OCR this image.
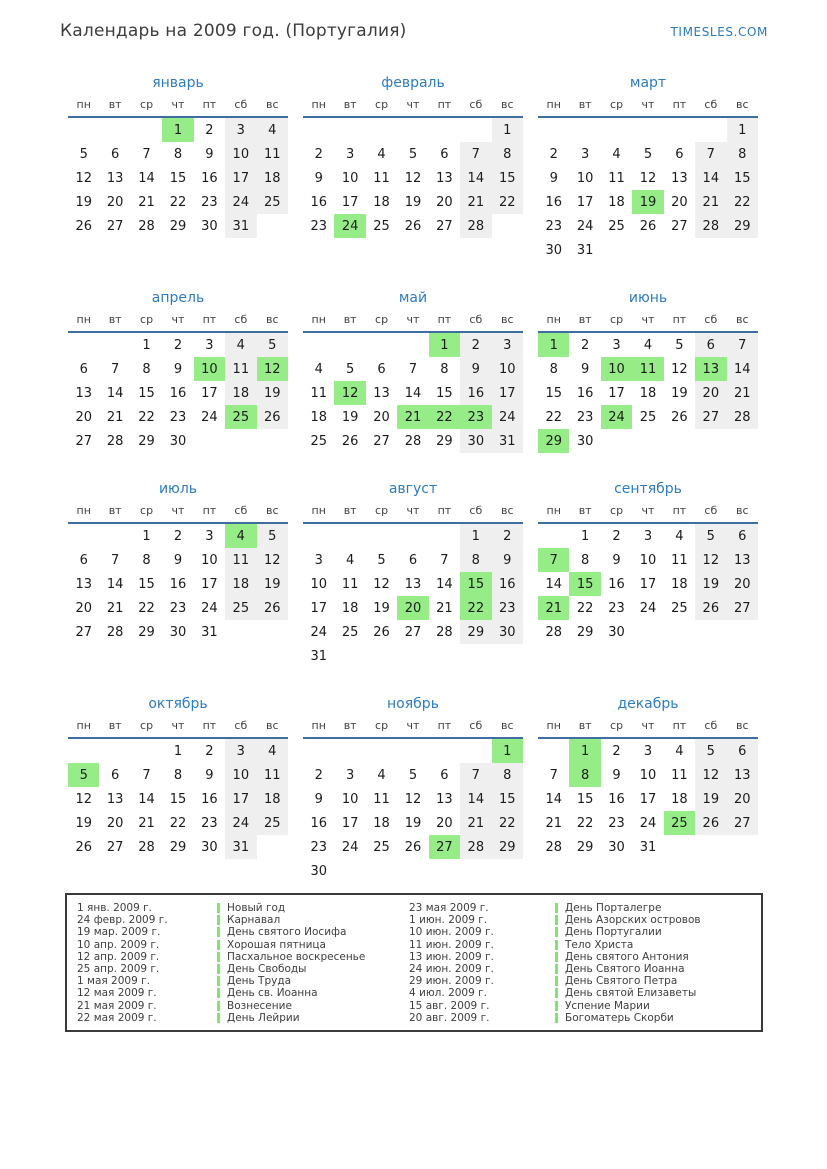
Календарь на 2009 год. (Португалия)	TIMESLES.COM
январь
пн	вт	ср	чт	пт	сб	вс
			1	2	3	4
5	6	7	8	9	10	11
12	13	14	15	16	17	18
19	20	21	22	23	24	25
26	27	28	29	30	31	
февраль
пн	вт	ср	чт	пт	сб	вс
						1
2	3	4	5	6	7	8
9	10	11	12	13	14	15
16	17	18	19	20	21	22
23	24	25	26	27	28	
март
пн	вт	ср	чт	пт	сб	вс
						1
2	3	4	5	6	7	8
9	10	11	12	13	14	15
16	17	18	19	20	21	22
23	24	25	26	27	28	29
30	31					
апрель
пн	вт	ср	чт	пт	сб	вс
		1	2	3	4	5
6	7	8	9	10	11	12
13	14	15	16	17	18	19
20	21	22	23	24	25	26
27	28	29	30			
май
пн	вт	ср	чт	пт	сб	вс
				1	2	3
4	5	6	7	8	9	10
11	12	13	14	15	16	17
18	19	20	21	22	23	24
25	26	27	28	29	30	31
июнь
пн	вт	ср	чт	пт	сб	вс
1	2	3	4	5	6	7
8	9	10	11	12	13	14
15	16	17	18	19	20	21
22	23	24	25	26	27	28
29	30					
июль
пн	вт	ср	чт	пт	сб	вс
		1	2	3	4	5
6	7	8	9	10	11	12
13	14	15	16	17	18	19
20	21	22	23	24	25	26
27	28	29	30	31		
август
пн	вт	ср	чт	пт	сб	вс
					1	2
3	4	5	6	7	8	9
10	11	12	13	14	15	16
17	18	19	20	21	22	23
24	25	26	27	28	29	30
31						
сентябрь
пн	вт	ср	чт	пт	сб	вс
	1	2	3	4	5	6
7	8	9	10	11	12	13
14	15	16	17	18	19	20
21	22	23	24	25	26	27
28	29	30				
октябрь
пн	вт	ср	чт	пт	сб	вс
			1	2	3	4
5	6	7	8	9	10	11
12	13	14	15	16	17	18
19	20	21	22	23	24	25
26	27	28	29	30	31	
ноябрь
пн	вт	ср	чт	пт	сб	вс
						1
2	3	4	5	6	7	8
9	10	11	12	13	14	15
16	17	18	19	20	21	22
23	24	25	26	27	28	29
30						
декабрь
пн	вт	ср	чт	пт	сб	вс
	1	2	3	4	5	6
7	8	9	10	11	12	13
14	15	16	17	18	19	20
21	22	23	24	25	26	27
28	29	30	31			
1 янв. 2009 г.	Новый год	23 мая 2009 г.	День Порталегре
24 февр. 2009 г.	Карнавал	1 июн. 2009 г.	День Азорских островов
19 мар. 2009 г.	День святого Иосифа	10 июн. 2009 г.	День Португалии
10 апр. 2009 г.	Хорошая пятница	11 июн. 2009 г.	Тело Христа
12 апр. 2009 г.	Пасхальное воскресенье	13 июн. 2009 г.	День святого Антония
25 апр. 2009 г.	День Свободы	24 июн. 2009 г.	День Святого Иоанна
1 мая 2009 г.	День Труда	29 июн. 2009 г.	День Святого Петра
12 мая 2009 г.	День св. Иоанна	4 июл. 2009 г.	День святой Елизаветы
21 мая 2009 г.	Вознесение	15 авг. 2009 г.	Успение Марии
22 мая 2009 г.	День Лейрии	20 авг. 2009 г.	Богоматерь Скорби
